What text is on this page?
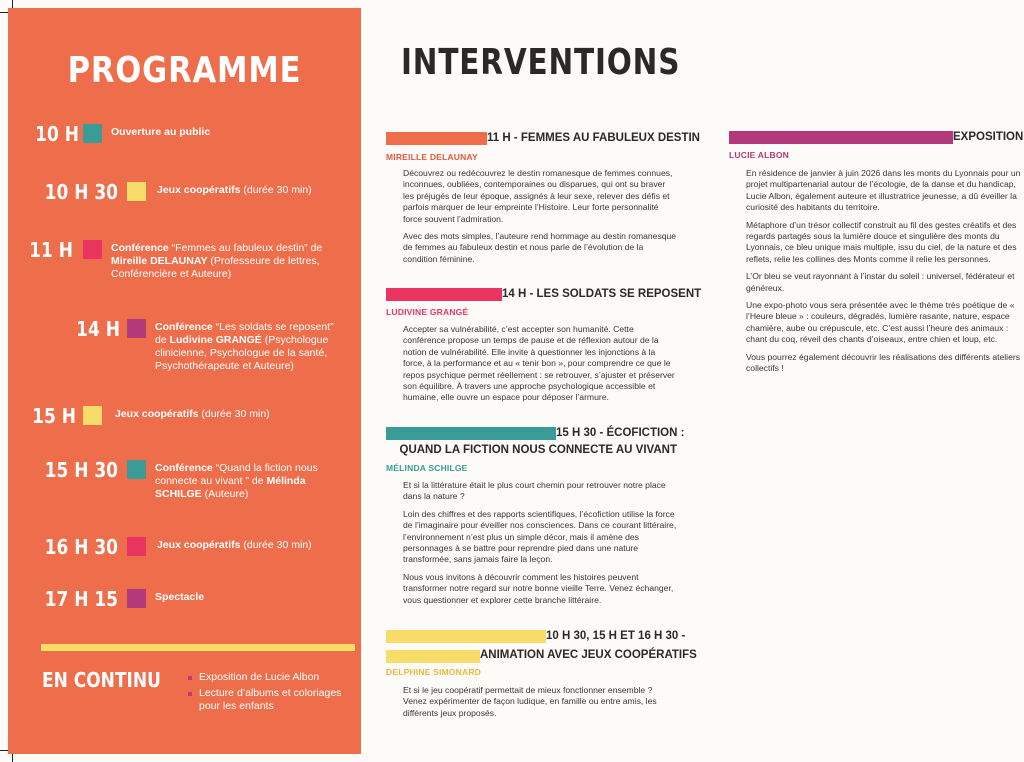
PROGRAMME
10 H	Ouverture au public
10 H 30	Jeux coopératifs (durée 30 min)
11 H	Conférence “Femmes au fabuleux destin” de Mireille DELAUNAY (Professeure de lettres, Conférencière et Auteure)
14 H	Conférence “Les soldats se reposent” de Ludivine GRANGÉ (Psychologue clinicienne, Psychologue de la santé, Psychothérapeute et Auteure)
15 H	Jeux coopératifs (durée 30 min)
15 H 30	Conférence “Quand la fiction nous connecte au vivant ” de Mélinda SCHILGE (Auteure)
16 H 30	Jeux coopératifs (durée 30 min)
17 H 15	Spectacle
EN CONTINU	Exposition de Lucie Albon
Lecture d’albums et coloriages pour les enfants
INTERVENTIONS
11 H - FEMMES AU FABULEUX DESTIN
MIREILLE DELAUNAY

Découvrez ou redécouvrez le destin romanesque de femmes connues, inconnues, oubliées, contemporaines ou disparues, qui ont su braver les préjugés de leur époque, assignés à leur sexe, relever des défis et parfois marquer de leur empreinte l’Histoire. Leur forte personnalité force souvent l’admiration.

Avec des mots simples, l’auteure rend hommage au destin romanesque de femmes au fabuleux destin et nous parle de l’évolution de la condition féminine.

14 H - LES SOLDATS SE REPOSENT
LUDIVINE GRANGÉ

Accepter sa vulnérabilité, c’est accepter son humanité. Cette conférence propose un temps de pause et de réflexion autour de la notion de vulnérabilité. Elle invite à questionner les injonctions à la force, à la performance et au « tenir bon », pour comprendre ce que le repos psychique permet réellement : se retrouver, s’ajuster et préserver son équilibre. À travers une approche psychologique accessible et humaine, elle ouvre un espace pour déposer l’armure.

15 H 30 - ÉCOFICTION :
QUAND LA FICTION NOUS CONNECTE AU VIVANT
MÉLINDA SCHILGE

Et si la littérature était le plus court chemin pour retrouver notre place dans la nature ?

Loin des chiffres et des rapports scientifiques, l’écofiction utilise la force de l’imaginaire pour éveiller nos consciences. Dans ce courant littéraire, l’environnement n’est plus un simple décor, mais il amène des personnages à se battre pour reprendre pied dans une nature transformée, sans jamais faire la leçon.

Nous vous invitons à découvrir comment les histoires peuvent transformer notre regard sur notre bonne vieille Terre. Venez échanger, vous questionner et explorer cette branche littéraire.

10 H 30, 15 H ET 16 H 30 -
ANIMATION AVEC JEUX COOPÉRATIFS
DELPHINE SIMONARD

Et si le jeu coopératif permettait de mieux fonctionner ensemble ? Venez expérimenter de façon ludique, en famille ou entre amis, les différents jeux proposés.

EXPOSITION
LUCIE ALBON

En résidence de janvier à juin 2026 dans les monts du Lyonnais pour un projet multipartenarial autour de l’écologie, de la danse et du handicap, Lucie Albon, également auteure et illustratrice jeunesse, a dû éveiller la curiosité des habitants du territoire.

Métaphore d’un trésor collectif construit au fil des gestes créatifs et des regards partagés sous la lumière douce et singulière des monts du Lyonnais, ce bleu unique mais multiple, issu du ciel, de la nature et des reflets, relie les collines des Monts comme il relie les personnes.

L’Or bleu se veut rayonnant à l’instar du soleil : universel, fédérateur et généreux.

Une expo-photo vous sera présentée avec le thème très poétique de « l’Heure bleue » : couleurs, dégradés, lumière rasante, nature, espace chamière, aube ou crépuscule, etc. C’est aussi l’heure des animaux : chant du coq, réveil des chants d’oiseaux, entre chien et loup, etc.

Vous pourrez également découvrir les réalisations des différents ateliers collectifs !
